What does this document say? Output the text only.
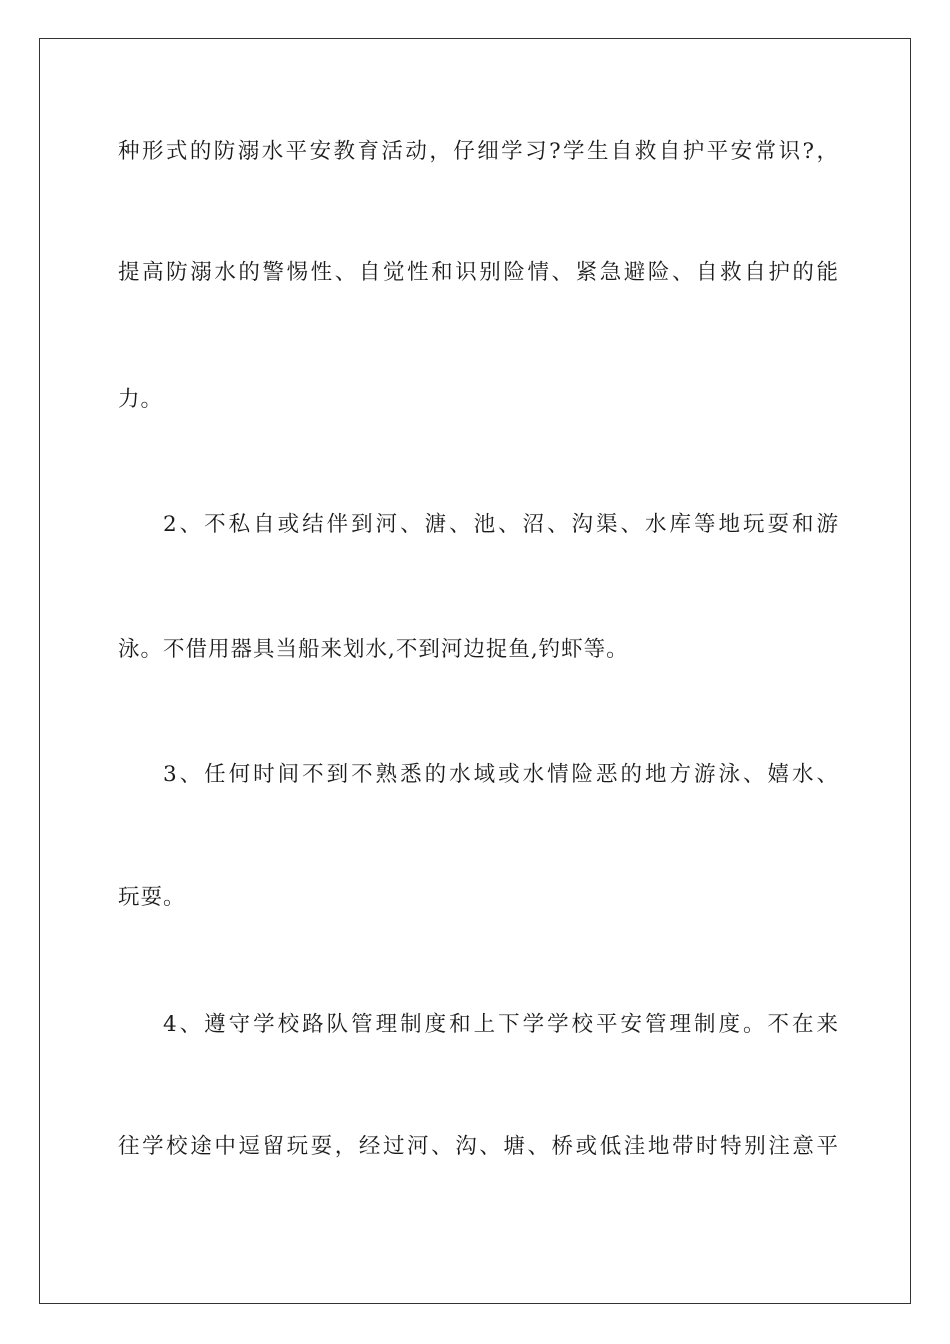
种形式的防溺水平安教育活动，仔细学习?学生自救自护平安常识?，
提高防溺水的警惕性、自觉性和识别险情、紧急避险、自救自护的能
力。
2、不私自或结伴到河、溏、池、沼、沟渠、水库等地玩耍和游
泳。不借用器具当船来划水,不到河边捉鱼,钓虾等。
3、任何时间不到不熟悉的水域或水情险恶的地方游泳、嬉水、
玩耍。
4、遵守学校路队管理制度和上下学学校平安管理制度。不在来
往学校途中逗留玩耍，经过河、沟、塘、桥或低洼地带时特别注意平
